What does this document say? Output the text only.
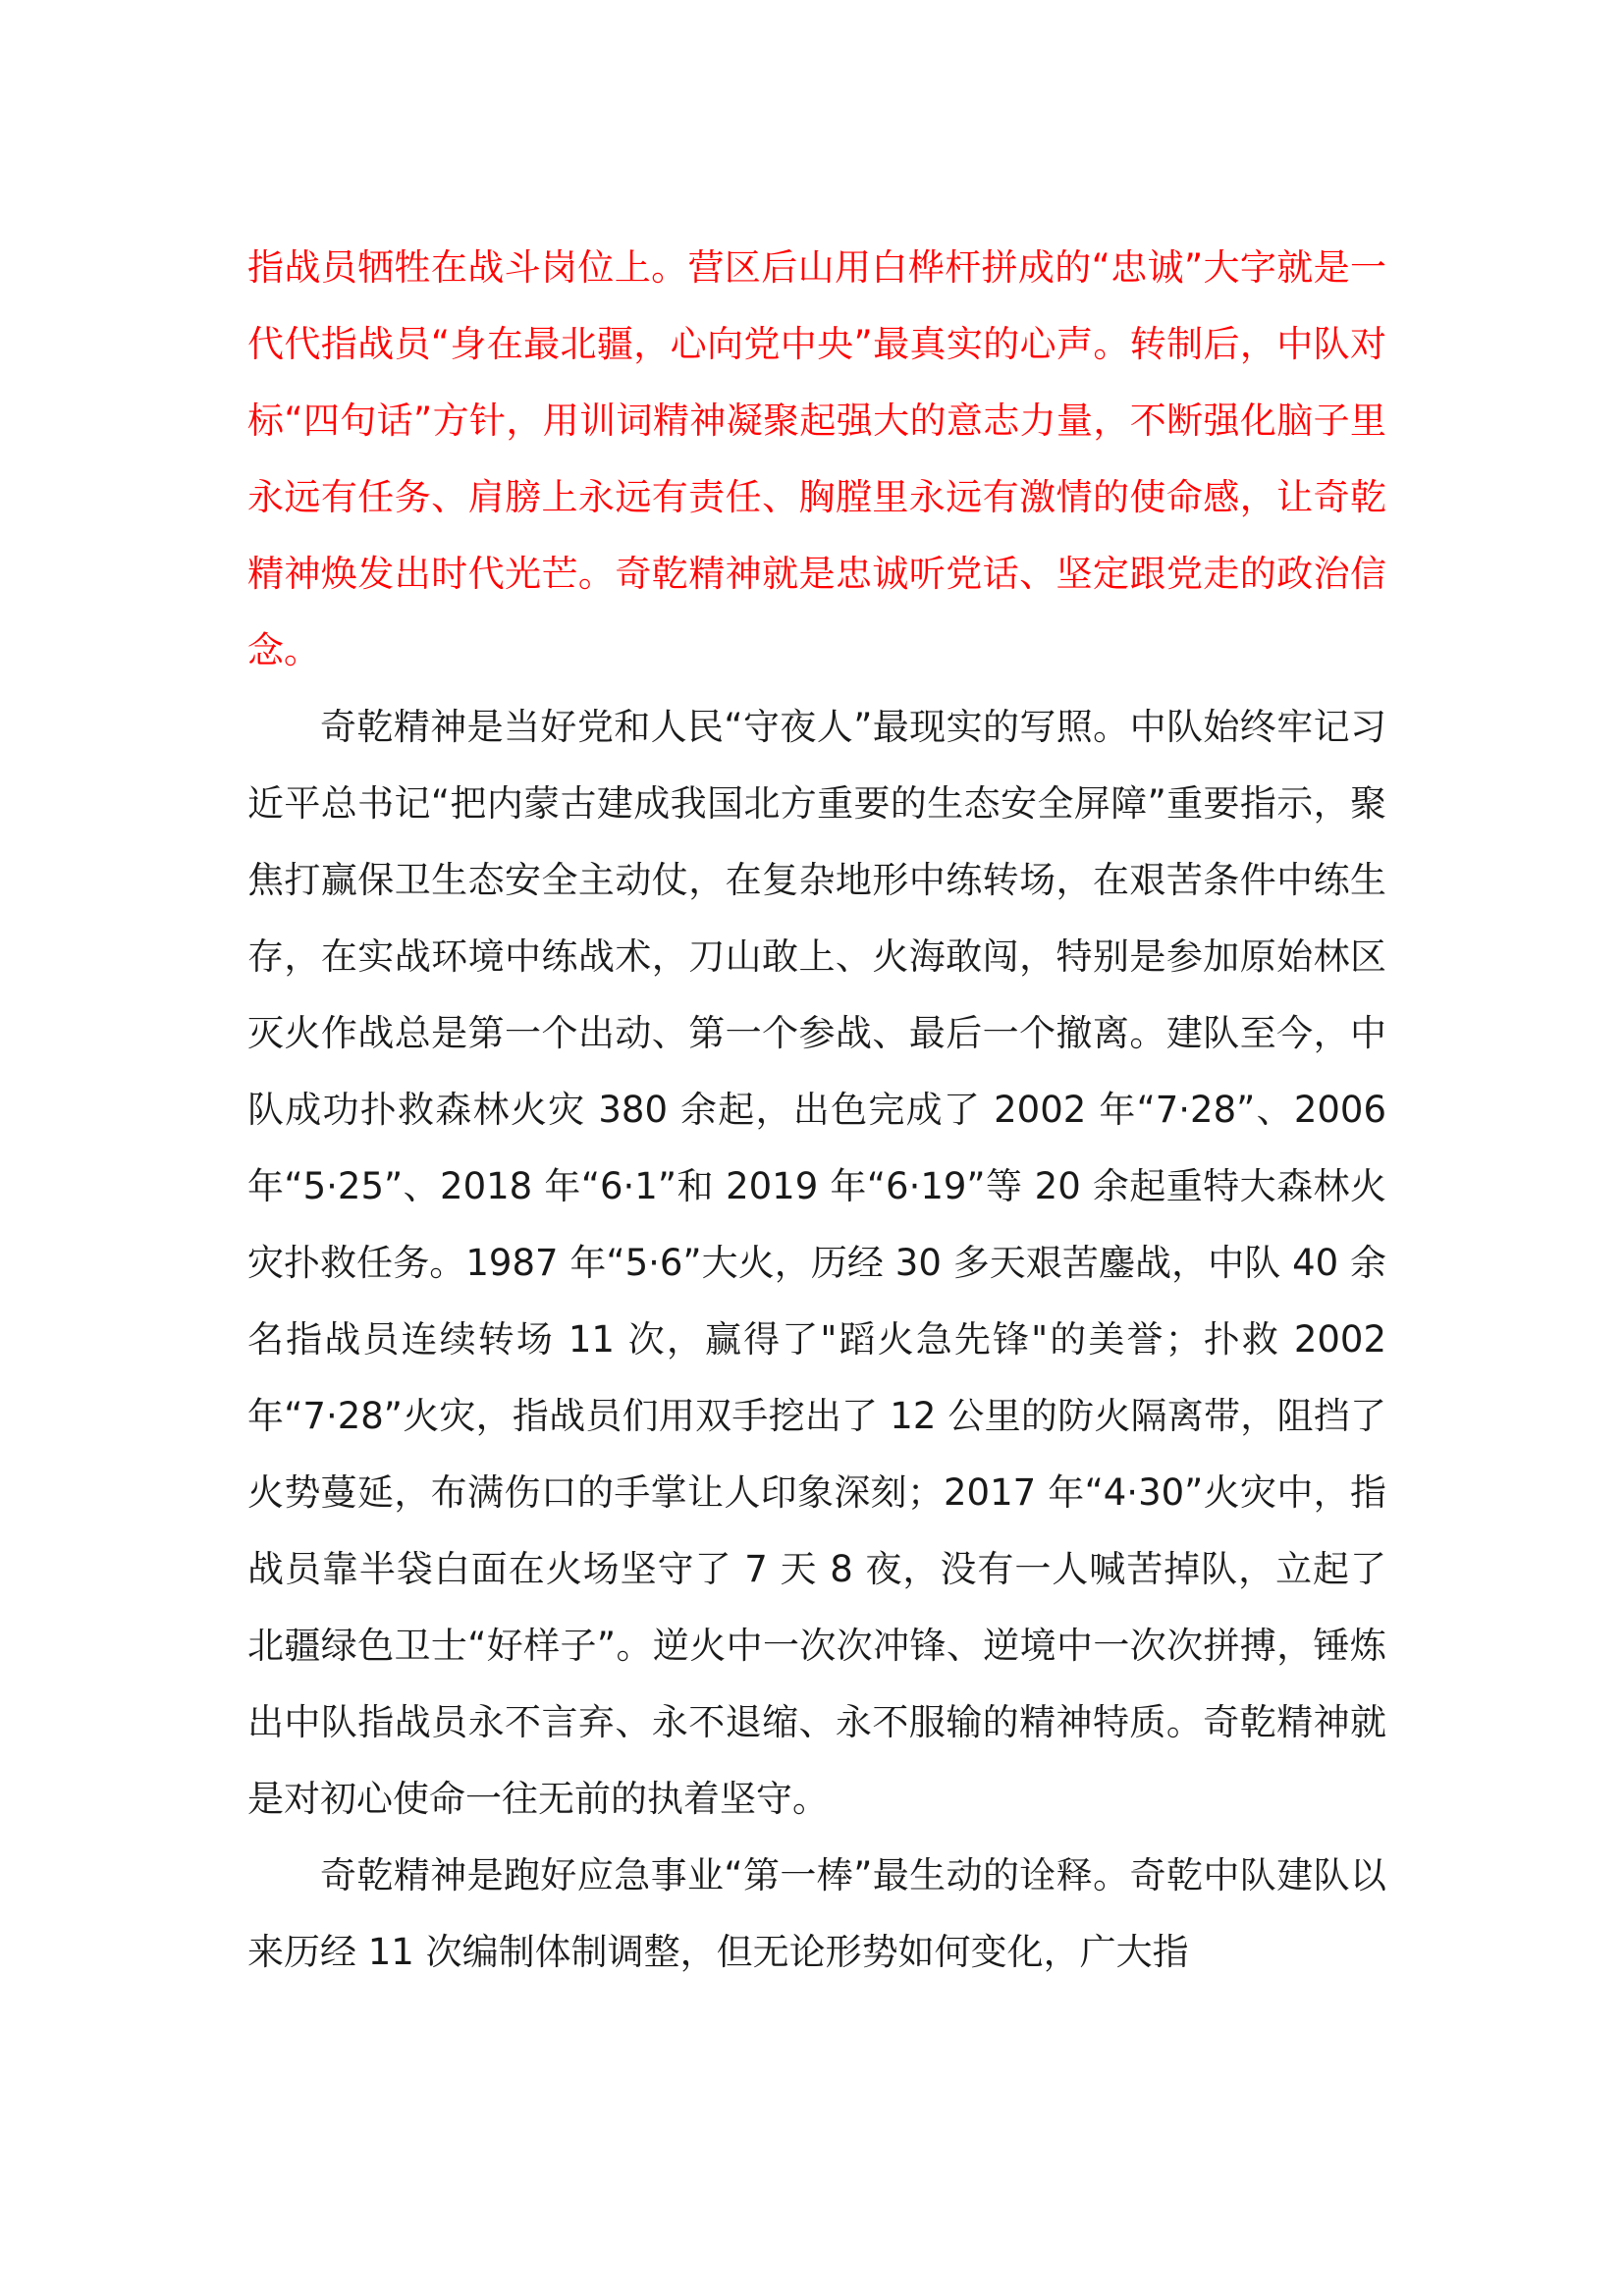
指战员牺牲在战斗岗位上。营区后山用白桦杆拼成的“忠诚”大字就是一代代指战员“身在最北疆，心向党中央”最真实的心声。转制后，中队对标“四句话”方针，用训词精神凝聚起强大的意志力量，不断强化脑子里永远有任务、肩膀上永远有责任、胸膛里永远有激情的使命感，让奇乾精神焕发出时代光芒。奇乾精神就是忠诚听党话、坚定跟党走的政治信念。

奇乾精神是当好党和人民“守夜人”最现实的写照。中队始终牢记习近平总书记“把内蒙古建成我国北方重要的生态安全屏障”重要指示，聚焦打赢保卫生态安全主动仗，在复杂地形中练转场，在艰苦条件中练生存，在实战环境中练战术，刀山敢上、火海敢闯，特别是参加原始林区灭火作战总是第一个出动、第一个参战、最后一个撤离。建队至今，中队成功扑救森林火灾 380 余起，出色完成了 2002 年“7·28”、2006 年“5·25”、2018 年“6·1”和 2019 年“6·19”等 20 余起重特大森林火灾扑救任务。1987 年“5·6”大火，历经 30 多天艰苦鏖战，中队 40 余名指战员连续转场 11 次，赢得了"蹈火急先锋"的美誉；扑救 2002 年“7·28”火灾，指战员们用双手挖出了 12 公里的防火隔离带，阻挡了火势蔓延，布满伤口的手掌让人印象深刻；2017 年“4·30”火灾中，指战员靠半袋白面在火场坚守了 7 天 8 夜，没有一人喊苦掉队，立起了北疆绿色卫士“好样子”。逆火中一次次冲锋、逆境中一次次拼搏，锤炼出中队指战员永不言弃、永不退缩、永不服输的精神特质。奇乾精神就是对初心使命一往无前的执着坚守。

奇乾精神是跑好应急事业“第一棒”最生动的诠释。奇乾中队建队以来历经 11 次编制体制调整，但无论形势如何变化，广大指
